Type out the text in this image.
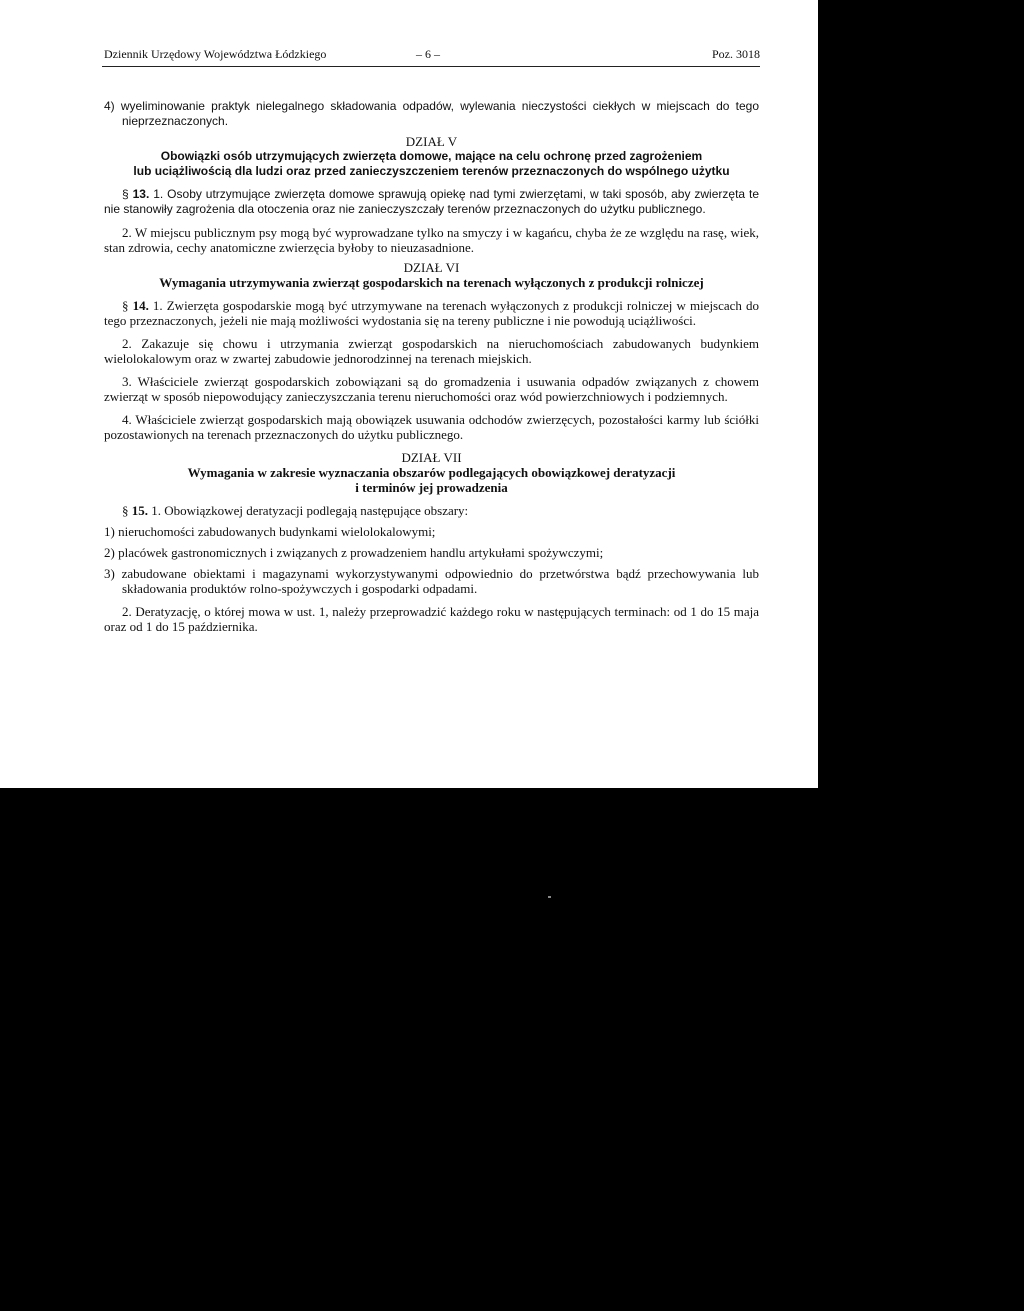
Dziennik Urzędowy Województwa Łódzkiego	– 6 –	Poz. 3018

4) wyeliminowanie praktyk nielegalnego składowania odpadów, wylewania nieczystości ciekłych w miejscach do tego nieprzeznaczonych.

DZIAŁ V

Obowiązki osób utrzymujących zwierzęta domowe, mające na celu ochronę przed zagrożeniem

lub uciążliwością dla ludzi oraz przed zanieczyszczeniem terenów przeznaczonych do wspólnego użytku

§ 13. 1. Osoby utrzymujące zwierzęta domowe sprawują opiekę nad tymi zwierzętami, w taki sposób, aby zwierzęta te nie stanowiły zagrożenia dla otoczenia oraz nie zanieczyszczały terenów przeznaczonych do użytku publicznego.

2. W miejscu publicznym psy mogą być wyprowadzane tylko na smyczy i w kagańcu, chyba że ze względu na rasę, wiek, stan zdrowia, cechy anatomiczne zwierzęcia byłoby to nieuzasadnione.

DZIAŁ VI

Wymagania utrzymywania zwierząt gospodarskich na terenach wyłączonych z produkcji rolniczej

§ 14. 1. Zwierzęta gospodarskie mogą być utrzymywane na terenach wyłączonych z produkcji rolniczej w miejscach do tego przeznaczonych, jeżeli nie mają możliwości wydostania się na tereny publiczne i nie powodują uciążliwości.

2. Zakazuje się chowu i utrzymania zwierząt gospodarskich na nieruchomościach zabudowanych budynkiem wielolokalowym oraz w zwartej zabudowie jednorodzinnej na terenach miejskich.

3. Właściciele zwierząt gospodarskich zobowiązani są do gromadzenia i usuwania odpadów związanych z chowem zwierząt w sposób niepowodujący zanieczyszczania terenu nieruchomości oraz wód powierzchniowych i podziemnych.

4. Właściciele zwierząt gospodarskich mają obowiązek usuwania odchodów zwierzęcych, pozostałości karmy lub ściółki pozostawionych na terenach przeznaczonych do użytku publicznego.

DZIAŁ VII

Wymagania w zakresie wyznaczania obszarów podlegających obowiązkowej deratyzacji

i terminów jej prowadzenia

§ 15. 1. Obowiązkowej deratyzacji podlegają następujące obszary:

1) nieruchomości zabudowanych budynkami wielolokalowymi;

2) placówek gastronomicznych i związanych z prowadzeniem handlu artykułami spożywczymi;

3) zabudowane obiektami i magazynami wykorzystywanymi odpowiednio do przetwórstwa bądź przechowywania lub składowania produktów rolno-spożywczych i gospodarki odpadami.

2. Deratyzację, o której mowa w ust. 1, należy przeprowadzić każdego roku w następujących terminach: od 1 do 15 maja oraz od 1 do 15 października.
